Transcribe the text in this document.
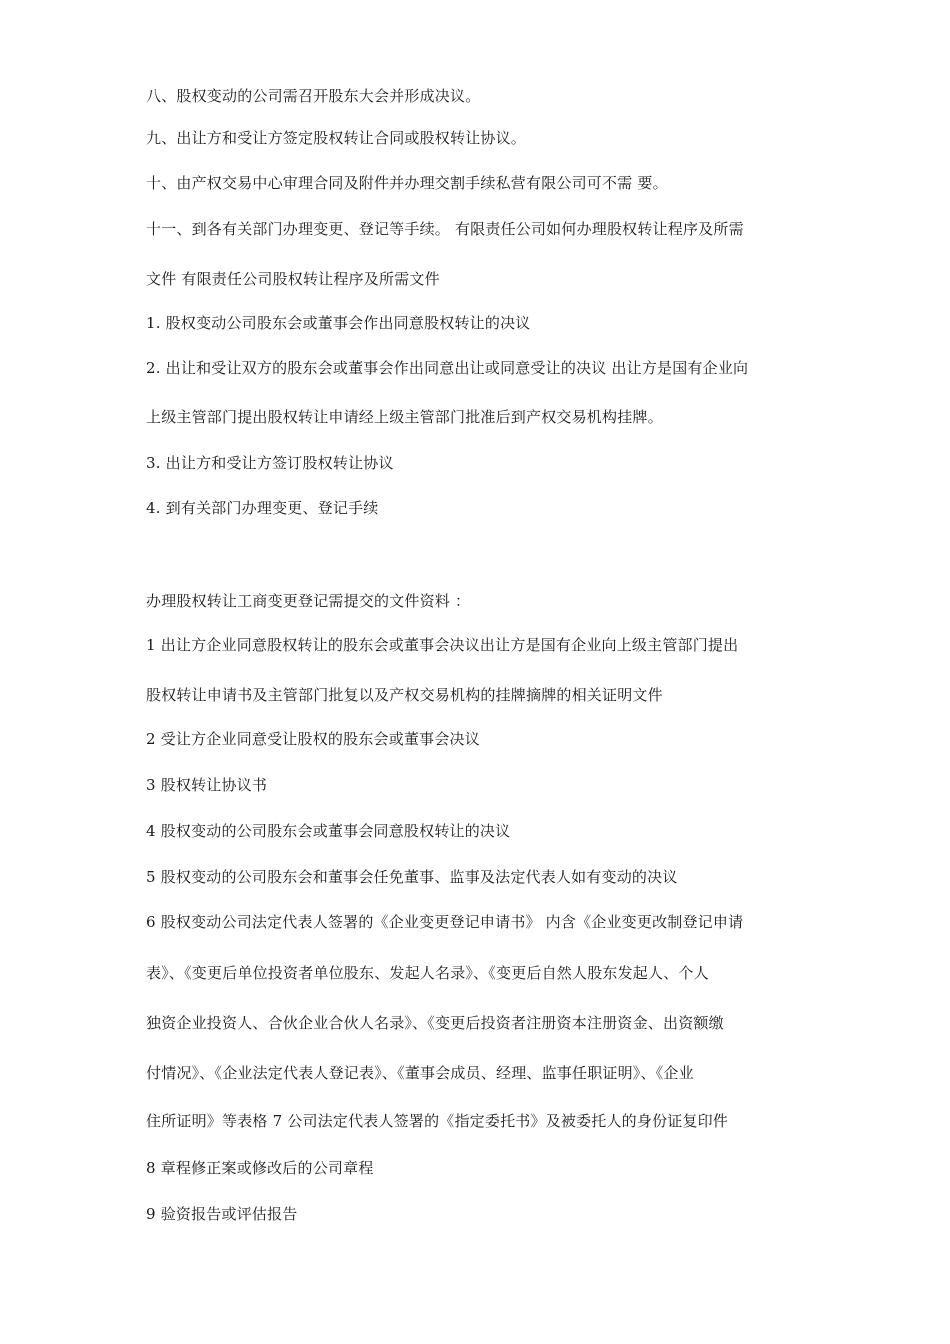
八、股权变动的公司需召开股东大会并形成决议。
九、出让方和受让方签定股权转让合同或股权转让协议。
十、由产权交易中心审理合同及附件并办理交割手续私营有限公司可不需 要。
十一、到各有关部门办理变更、登记等手续。 有限责任公司如何办理股权转让程序及所需
文件 有限责任公司股权转让程序及所需文件
1. 股权变动公司股东会或董事会作出同意股权转让的决议
2. 出让和受让双方的股东会或董事会作出同意出让或同意受让的决议 出让方是国有企业向
上级主管部门提出股权转让申请经上级主管部门批准后到产权交易机构挂牌。
3. 出让方和受让方签订股权转让协议
4. 到有关部门办理变更、登记手续
办理股权转让工商变更登记需提交的文件资料 ：
1 出让方企业同意股权转让的股东会或董事会决议出让方是国有企业向上级主管部门提出
股权转让申请书及主管部门批复以及产权交易机构的挂牌摘牌的相关证明文件
2 受让方企业同意受让股权的股东会或董事会决议
3 股权转让协议书
4 股权变动的公司股东会或董事会同意股权转让的决议
5 股权变动的公司股东会和董事会任免董事、监事及法定代表人如有变动的决议
6 股权变动公司法定代表人签署的《企业变更登记申请书》 内含《企业变更改制登记申请
表》、《变更后单位投资者单位股东、发起人名录》、《变更后自然人股东发起人、个人
独资企业投资人、合伙企业合伙人名录》、《变更后投资者注册资本注册资金、出资额缴
付情况》、《企业法定代表人登记表》、《董事会成员、经理、监事任职证明》、《企业
住所证明》等表格 7 公司法定代表人签署的《指定委托书》及被委托人的身份证复印件
8 章程修正案或修改后的公司章程
9 验资报告或评估报告
